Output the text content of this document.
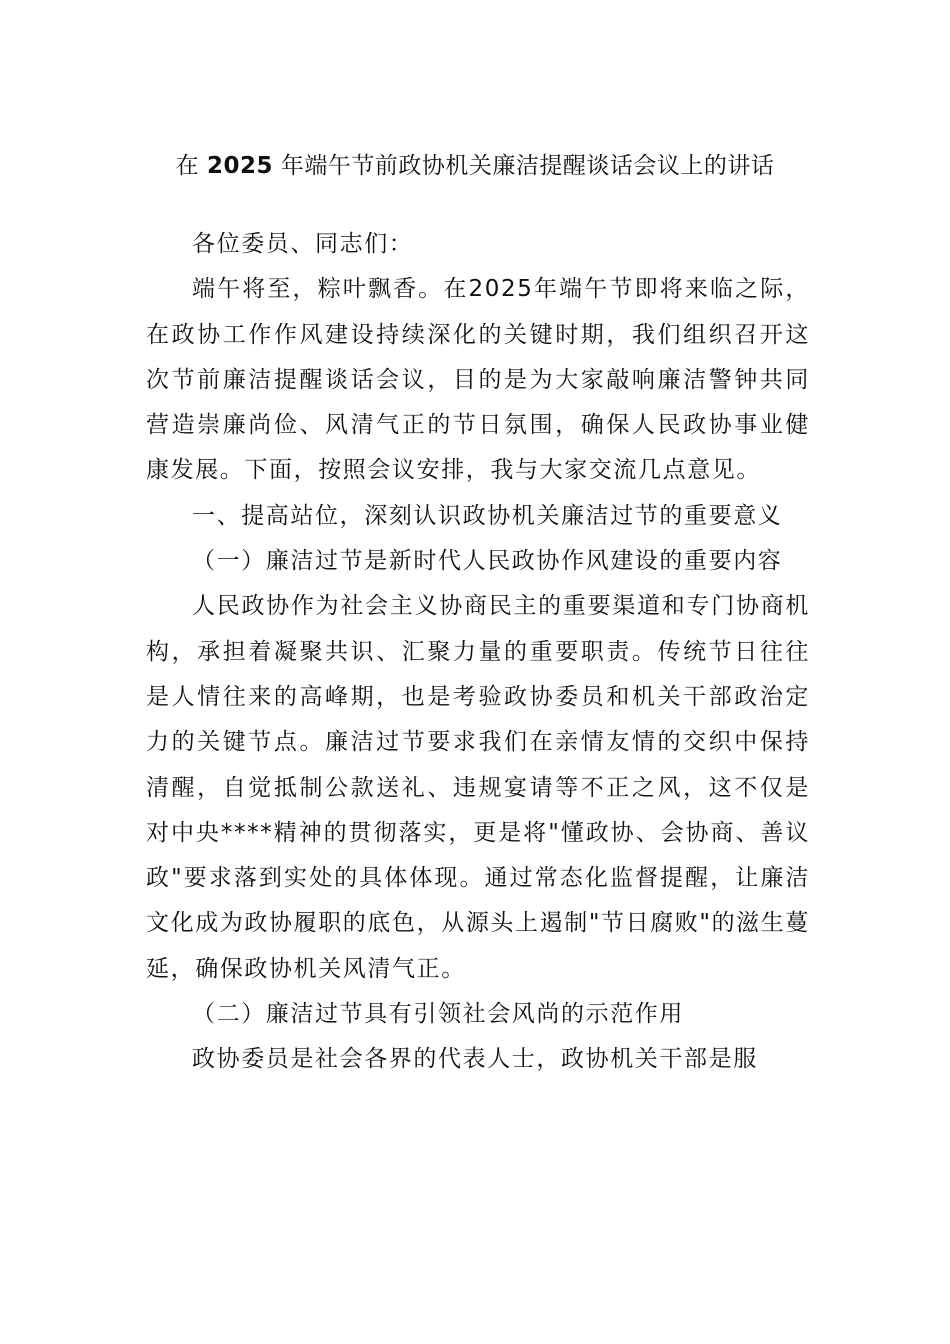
在 2025 年端午节前政协机关廉洁提醒谈话会议上的讲话

各位委员、同志们：

端午将至，粽叶飘香。在2025年端午节即将来临之际，在政协工作作风建设持续深化的关键时期，我们组织召开这次节前廉洁提醒谈话会议，目的是为大家敲响廉洁警钟共同营造崇廉尚俭、风清气正的节日氛围，确保人民政协事业健康发展。下面，按照会议安排，我与大家交流几点意见。

一、提高站位，深刻认识政协机关廉洁过节的重要意义

（一）廉洁过节是新时代人民政协作风建设的重要内容

人民政协作为社会主义协商民主的重要渠道和专门协商机构，承担着凝聚共识、汇聚力量的重要职责。传统节日往往是人情往来的高峰期，也是考验政协委员和机关干部政治定力的关键节点。廉洁过节要求我们在亲情友情的交织中保持清醒，自觉抵制公款送礼、违规宴请等不正之风，这不仅是对中央****精神的贯彻落实，更是将"懂政协、会协商、善议政"要求落到实处的具体体现。通过常态化监督提醒，让廉洁文化成为政协履职的底色，从源头上遏制"节日腐败"的滋生蔓延，确保政协机关风清气正。

（二）廉洁过节具有引领社会风尚的示范作用

政协委员是社会各界的代表人士，政协机关干部是服
